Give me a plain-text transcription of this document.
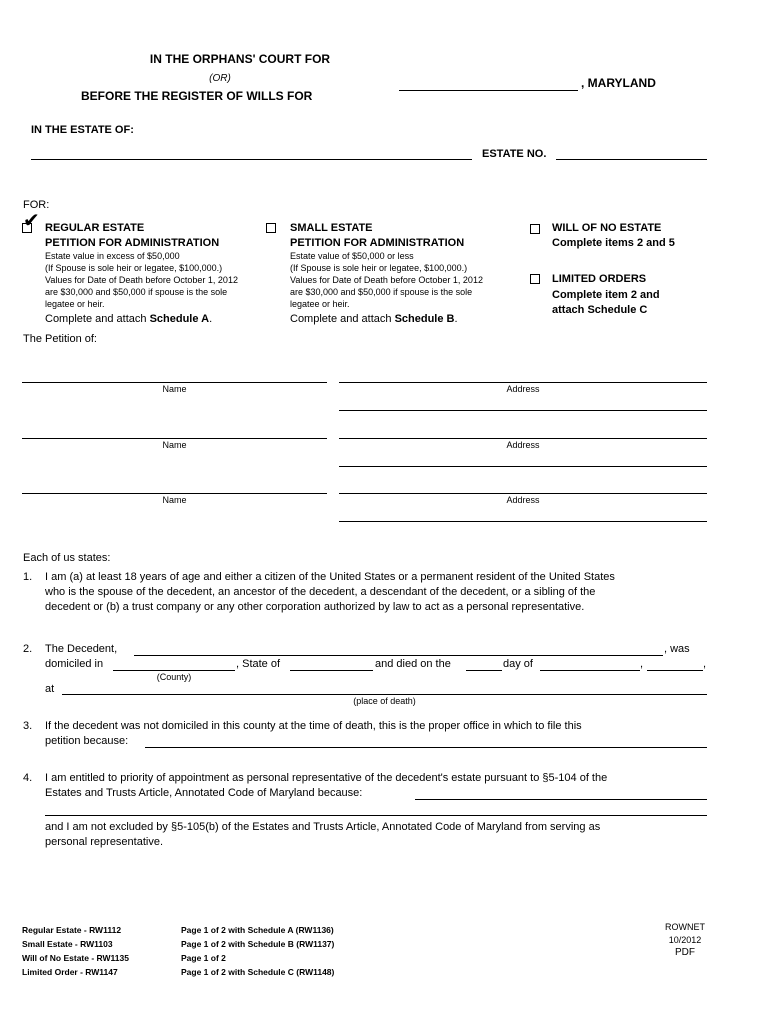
IN THE ORPHANS' COURT FOR
(OR)
BEFORE THE REGISTER OF WILLS FOR
, MARYLAND
IN THE ESTATE OF:
ESTATE NO.
FOR:
✔ REGULAR ESTATE
PETITION FOR ADMINISTRATION
Estate value in excess of $50,000
(If Spouse is sole heir or legatee, $100,000.)
Values for Date of Death before October 1, 2012
are $30,000 and $50,000 if spouse is the sole
legatee or heir.
Complete and attach Schedule A.
SMALL ESTATE
PETITION FOR ADMINISTRATION
Estate value of $50,000 or less
(If Spouse is sole heir or legatee, $100,000.)
Values for Date of Death before October 1, 2012
are $30,000 and $50,000 if spouse is the sole
legatee or heir.
Complete and attach Schedule B.
WILL OF NO ESTATE
Complete items 2 and 5
LIMITED ORDERS
Complete item 2 and
attach Schedule C
The Petition of:
Name	Address
Name	Address
Name	Address
Each of us states:
1. I am (a) at least 18 years of age and either a citizen of the United States or a permanent resident of the United States
who is the spouse of the decedent, an ancestor of the decedent, a descendant of the decedent, or a sibling of the
decedent or (b) a trust company or any other corporation authorized by law to act as a personal representative.
2. The Decedent,	, was
domiciled in
(County)
, State of	and died on the	day of	,	,
at
(place of death)
3. If the decedent was not domiciled in this county at the time of death, this is the proper office in which to file this
petition because:
4. I am entitled to priority of appointment as personal representative of the decedent's estate pursuant to §5-104 of the
Estates and Trusts Article, Annotated Code of Maryland because:
and I am not excluded by §5-105(b) of the Estates and Trusts Article, Annotated Code of Maryland from serving as
personal representative.
Regular Estate - RW1112
Small Estate - RW1103
Will of No Estate - RW1135
Limited Order - RW1147
Page 1 of 2 with Schedule A (RW1136)
Page 1 of 2 with Schedule B (RW1137)
Page 1 of 2
Page 1 of 2 with Schedule C (RW1148)
ROWNET
10/2012
PDF
